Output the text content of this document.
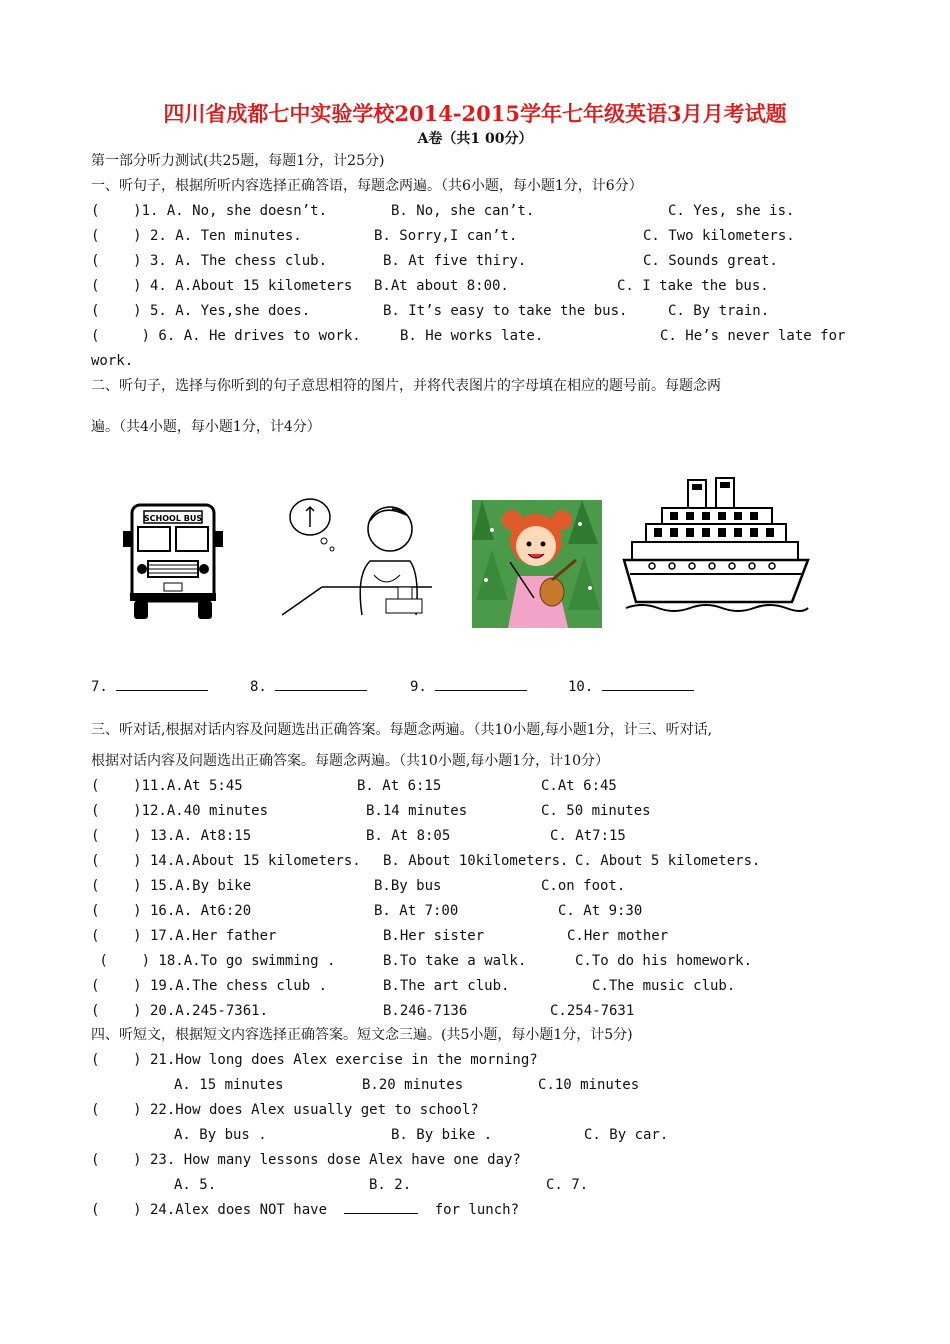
四川省成都七中实验学校2014-2015学年七年级英语3月月考试题
A卷（共1 00分）
第一部分听力测试(共25题，每题1分，计25分)
一、听句子，根据所听内容选择正确答语，每题念两遍。（共6小题，每小题1分，计6分）
(    )1. A. No, she doesn’t.	B. No, she can’t.	C. Yes, she is.
(    ) 2. A. Ten minutes.	B. Sorry,I can’t.	C. Two kilometers.
(    ) 3. A. The chess club.	B. At five thiry.	C. Sounds great.
(    ) 4. A.About 15 kilometers B.At about 8:00.	C. I take the bus.
(    ) 5. A. Yes,she does.	B. It’s easy to take the bus.	C. By train.
(     ) 6. A. He drives to work.	B. He works late.	C. He’s never late for
work.
二、听句子，选择与你听到的句子意思相符的图片，并将代表图片的字母填在相应的题号前。每题念两
遍。（共4小题，每小题1分，计4分）
SCHOOL BUS
7.	8.	9.	10.
三、听对话,根据对话内容及问题选出正确答案。每题念两遍。（共10小题,每小题1分，计三、听对话,
根据对话内容及问题选出正确答案。每题念两遍。（共10小题,每小题1分，计10分）
(    )11.A.At 5:45	B. At 6:15	C.At 6:45
(    )12.A.40 minutes	B.14 minutes	C. 50 minutes
(    ) 13.A. At8:15	B. At 8:05	C. At7:15
(    ) 14.A.About 15 kilometers. B. About 10kilometers. C. About 5 kilometers.
(    ) 15.A.By bike	B.By bus	C.on foot.
(    ) 16.A. At6:20	B. At 7:00	C. At 9:30
(    ) 17.A.Her father	B.Her sister	C.Her mother
(    ) 18.A.To go swimming .	B.To take a walk.	C.To do his homework.
(    ) 19.A.The chess club .	B.The art club.	C.The music club.
(    ) 20.A.245-7361.	B.246-7136	C.254-7631
四、听短文，根据短文内容选择正确答案。短文念三遍。(共5小题，每小题1分，计5分)
(    ) 21.How long does Alex exercise in the morning?
A. 15 minutes	B.20 minutes	C.10 minutes
(    ) 22.How does Alex usually get to school?
A. By bus .	B. By bike .	C. By car.
(    ) 23. How many lessons dose Alex have one day?
A. 5.	B. 2.	C. 7.
(    ) 24.Alex does NOT have	for lunch?
